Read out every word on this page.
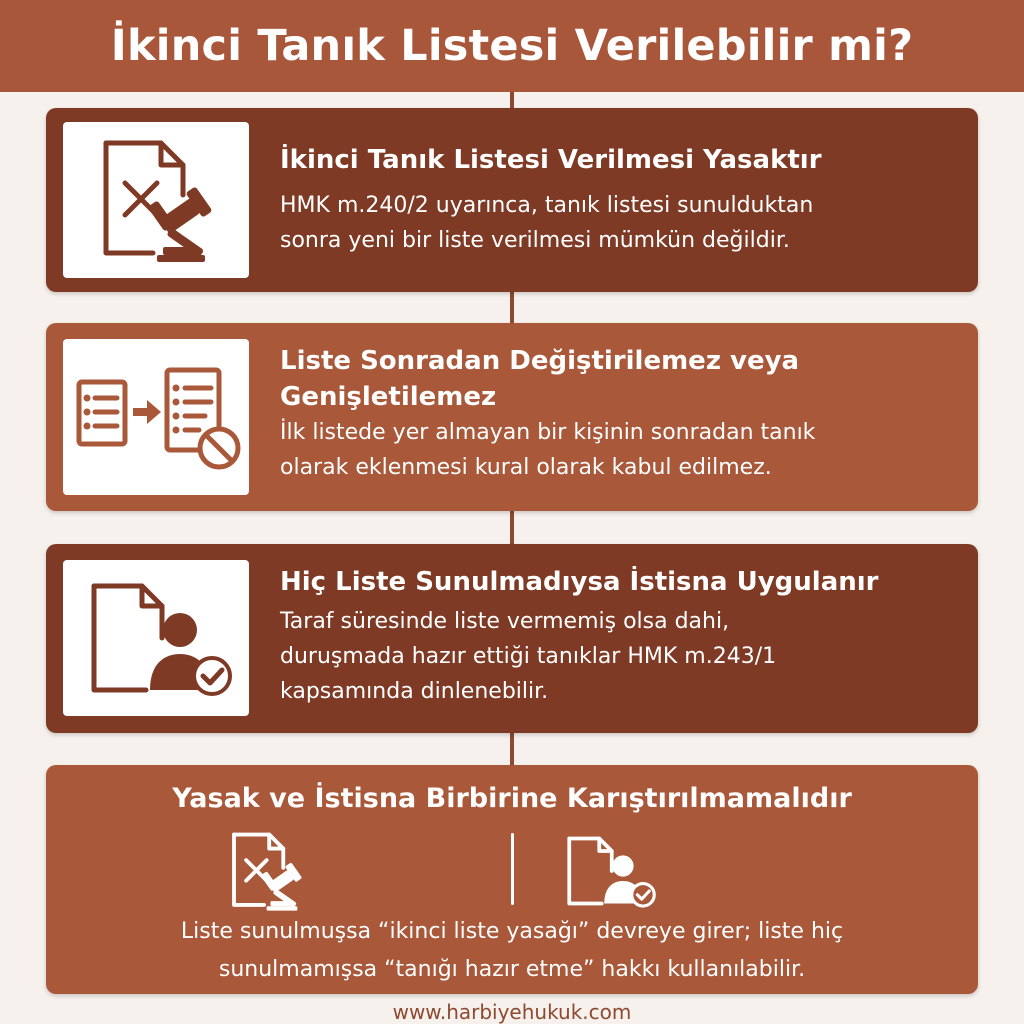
İkinci Tanık Listesi Verilebilir mi?

İkinci Tanık Listesi Verilmesi Yasaktır

HMK m.240/2 uyarınca, tanık listesi sunulduktan

sonra yeni bir liste verilmesi mümkün değildir.

Liste Sonradan Değiştirilemez veya Genişletilemez

İlk listede yer almayan bir kişinin sonradan tanık

olarak eklenmesi kural olarak kabul edilmez.

Hiç Liste Sunulmadıysa İstisna Uygulanır

Taraf süresinde liste vermemiş olsa dahi,

duruşmada hazır ettiği tanıklar HMK m.243/1

kapsamında dinlenebilir.

Yasak ve İstisna Birbirine Karıştırılmamalıdır
Liste sunulmuşsa “ikinci liste yasağı” devreye girer; liste hiç
sunulmamışsa “tanığı hazır etme” hakkı kullanılabilir.
www.harbiyehukuk.com
